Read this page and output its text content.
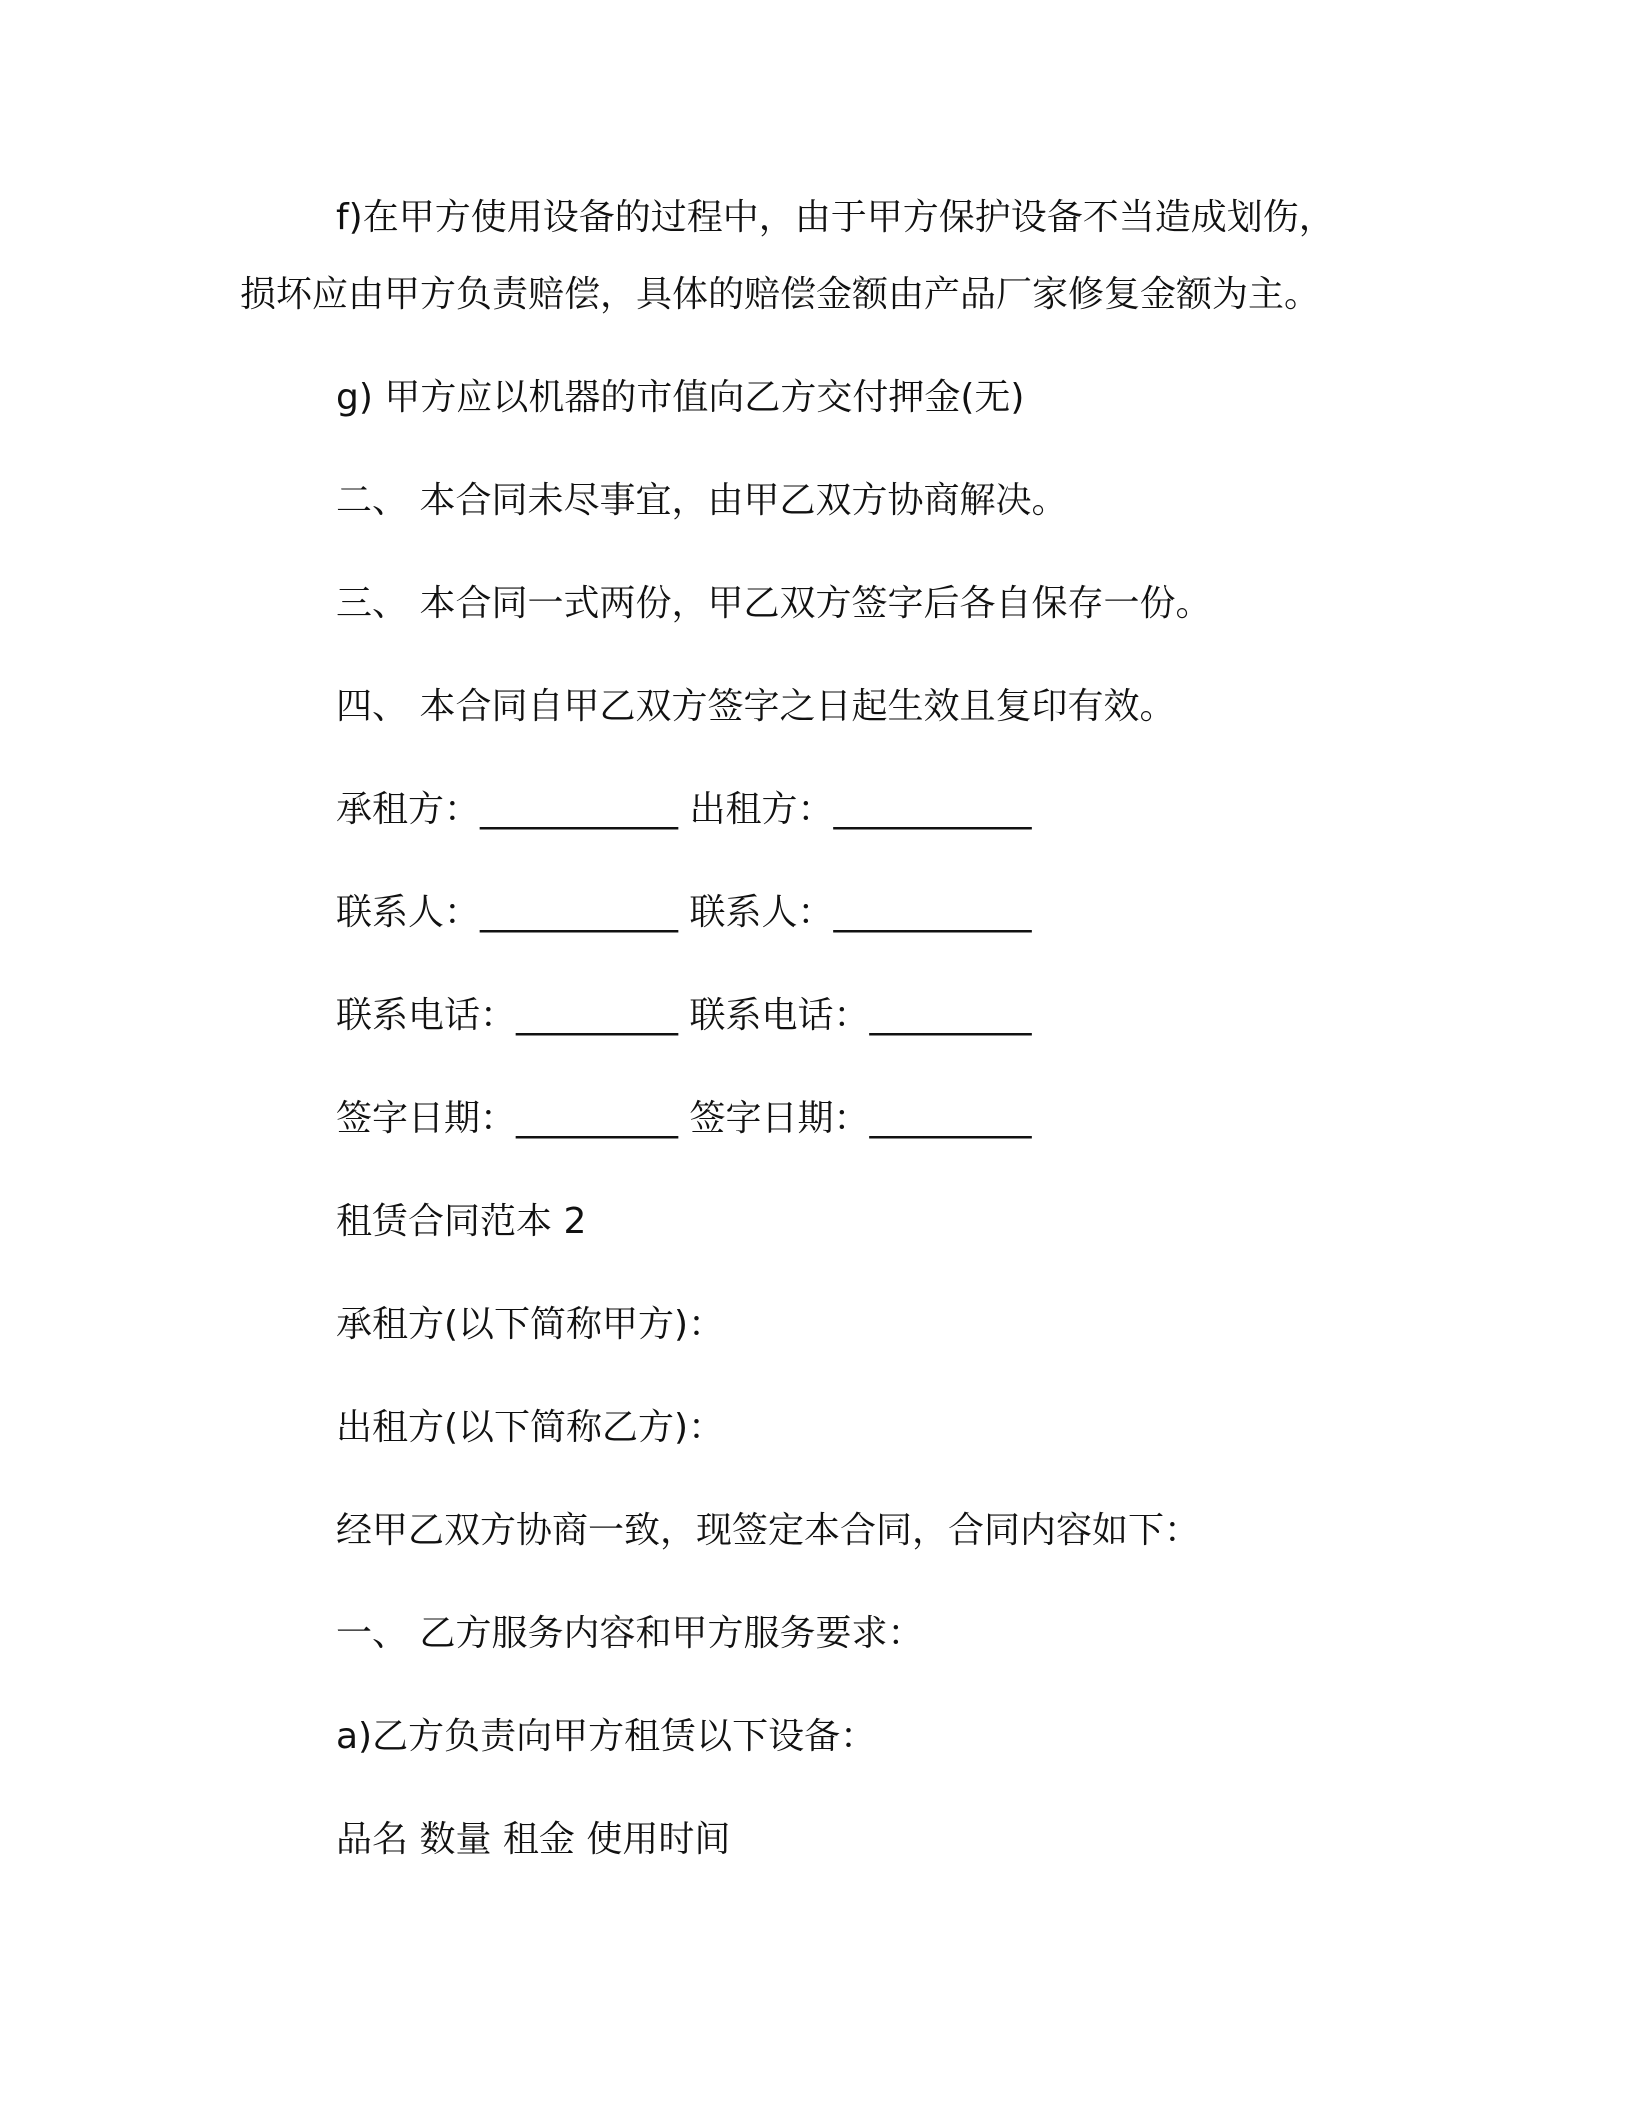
f)在甲方使用设备的过程中，由于甲方保护设备不当造成划伤，
损坏应由甲方负责赔偿，具体的赔偿金额由产品厂家修复金额为主。
g) 甲方应以机器的市值向乙方交付押金(无)
二、 本合同未尽事宜，由甲乙双方协商解决。
三、 本合同一式两份，甲乙双方签字后各自保存一份。
四、 本合同自甲乙双方签字之日起生效且复印有效。
承租方：___________ 出租方：___________
联系人：___________ 联系人：___________
联系电话：_________ 联系电话：_________
签字日期：_________ 签字日期：_________
租赁合同范本 2
承租方(以下简称甲方)：
出租方(以下简称乙方)：
经甲乙双方协商一致，现签定本合同，合同内容如下：
一、 乙方服务内容和甲方服务要求：
a)乙方负责向甲方租赁以下设备：
品名 数量 租金 使用时间
